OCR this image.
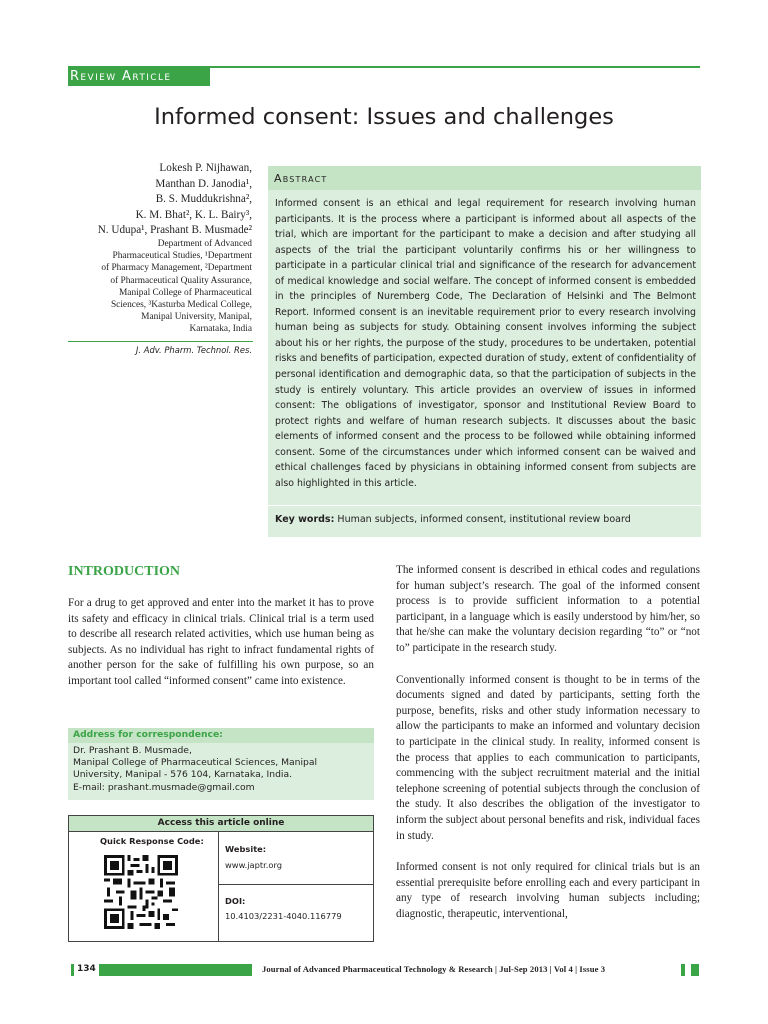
Review Article
Informed consent: Issues and challenges
Lokesh P. Nijhawan,
Manthan D. Janodia¹,
B. S. Muddukrishna²,
K. M. Bhat², K. L. Bairy³,
N. Udupa¹, Prashant B. Musmade²
Department of Advanced
Pharmaceutical Studies, ¹Department
of Pharmacy Management, ²Department
of Pharmaceutical Quality Assurance,
Manipal College of Pharmaceutical
Sciences, ³Kasturba Medical College,
Manipal University, Manipal,
Karnataka, India
J. Adv. Pharm. Technol. Res.
Abstract
Informed consent is an ethical and legal requirement for research involving human participants. It is the process where a participant is informed about all aspects of the trial, which are important for the participant to make a decision and after studying all aspects of the trial the participant voluntarily confirms his or her willingness to participate in a particular clinical trial and significance of the research for advancement of medical knowledge and social welfare. The concept of informed consent is embedded in the principles of Nuremberg Code, The Declaration of Helsinki and The Belmont Report. Informed consent is an inevitable requirement prior to every research involving human being as subjects for study. Obtaining consent involves informing the subject about his or her rights, the purpose of the study, procedures to be undertaken, potential risks and benefits of participation, expected duration of study, extent of confidentiality of personal identification and demographic data, so that the participation of subjects in the study is entirely voluntary. This article provides an overview of issues in informed consent: The obligations of investigator, sponsor and Institutional Review Board to protect rights and welfare of human research subjects. It discusses about the basic elements of informed consent and the process to be followed while obtaining informed consent. Some of the circumstances under which informed consent can be waived and ethical challenges faced by physicians in obtaining informed consent from subjects are also highlighted in this article.
Key words: Human subjects, informed consent, institutional review board
INTRODUCTION
For a drug to get approved and enter into the market it has to prove its safety and efficacy in clinical trials. Clinical trial is a term used to describe all research related activities, which use human being as subjects. As no individual has right to infract fundamental rights of another person for the sake of fulfilling his own purpose, so an important tool called “informed consent” came into existence.
Address for correspondence:
Dr. Prashant B. Musmade,
Manipal College of Pharmaceutical Sciences, Manipal
University, Manipal - 576 104, Karnataka, India.
E-mail: prashant.musmade@gmail.com
Access this article online
Quick Response Code:
Website:
www.japtr.org
DOI:
10.4103/2231-4040.116779

The informed consent is described in ethical codes and regulations for human subject’s research. The goal of the informed consent process is to provide sufficient information to a potential participant, in a language which is easily understood by him/her, so that he/she can make the voluntary decision regarding “to” or “not to” participate in the research study.

Conventionally informed consent is thought to be in terms of the documents signed and dated by participants, setting forth the purpose, benefits, risks and other study information necessary to allow the participants to make an informed and voluntary decision to participate in the clinical study. In reality, informed consent is the process that applies to each communication to participants, commencing with the subject recruitment material and the initial telephone screening of potential subjects through the conclusion of the study. It also describes the obligation of the investigator to inform the subject about personal benefits and risk, individual faces in study.

Informed consent is not only required for clinical trials but is an essential prerequisite before enrolling each and every participant in any type of research involving human subjects including; diagnostic, therapeutic, interventional,

134	Journal of Advanced Pharmaceutical Technology & Research | Jul-Sep 2013 | Vol 4 | Issue 3
